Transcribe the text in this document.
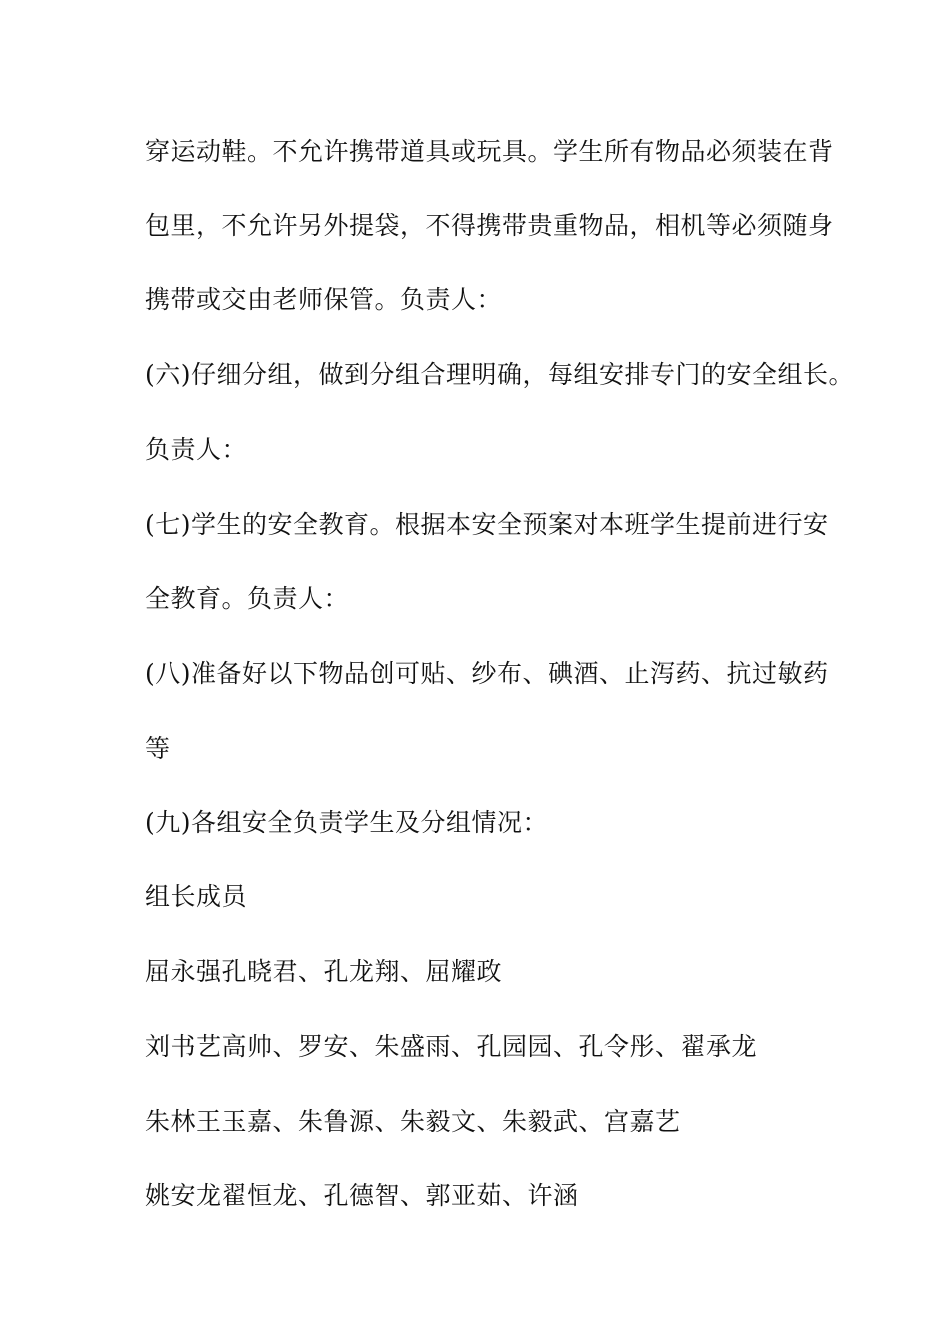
穿运动鞋。不允许携带道具或玩具。学生所有物品必须装在背
包里，不允许另外提袋，不得携带贵重物品，相机等必须随身
携带或交由老师保管。负责人：
(六)仔细分组，做到分组合理明确，每组安排专门的安全组长。
负责人：
(七)学生的安全教育。根据本安全预案对本班学生提前进行安
全教育。负责人：
(八)准备好以下物品创可贴、纱布、碘酒、止泻药、抗过敏药
等
(九)各组安全负责学生及分组情况：
组长成员
屈永强孔晓君、孔龙翔、屈耀政
刘书艺高帅、罗安、朱盛雨、孔园园、孔令彤、翟承龙
朱林王玉嘉、朱鲁源、朱毅文、朱毅武、宫嘉艺
姚安龙翟恒龙、孔德智、郭亚茹、许涵
